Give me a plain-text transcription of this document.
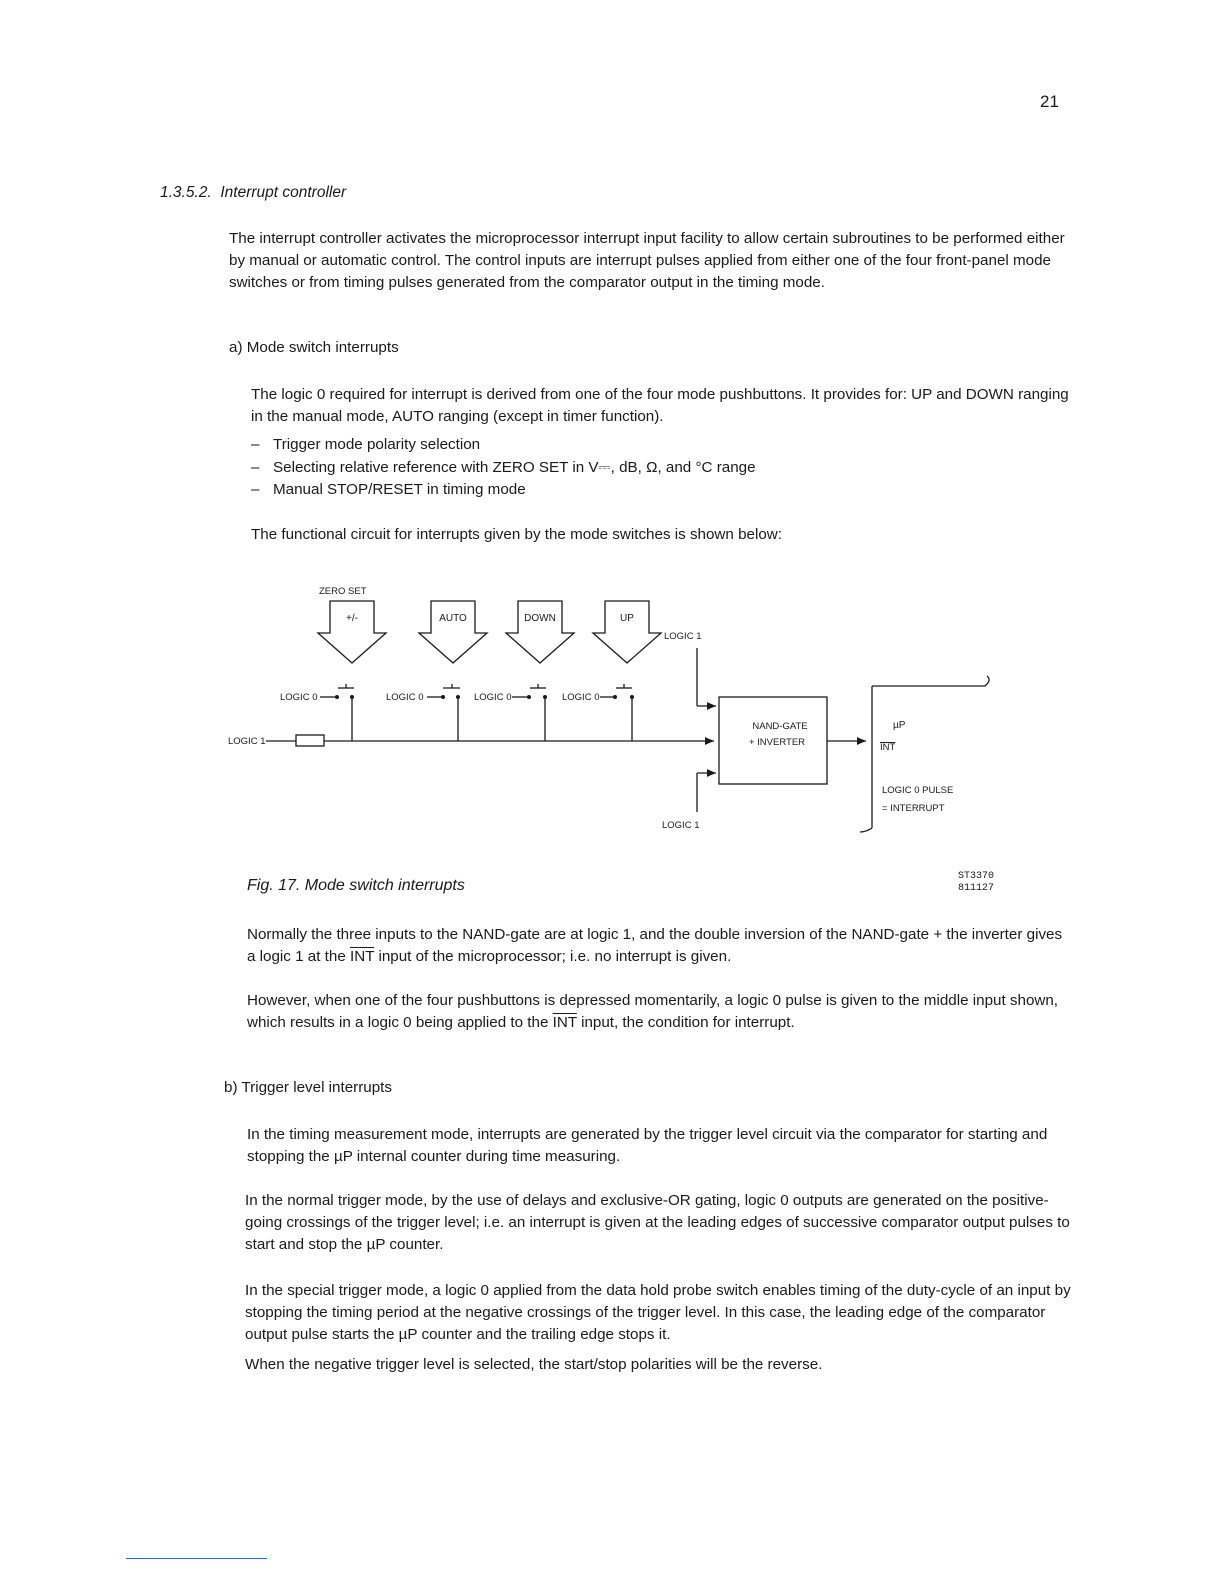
21
1.3.5.2. Interrupt controller

The interrupt controller activates the microprocessor interrupt input facility to allow certain subroutines to be performed either by manual or automatic control. The control inputs are interrupt pulses applied from either one of the four front-panel mode switches or from timing pulses generated from the comparator output in the timing mode.

a) Mode switch interrupts

The logic 0 required for interrupt is derived from one of the four mode pushbuttons. It provides for: UP and DOWN ranging in the manual mode, AUTO ranging (except in timer function).

– Trigger mode polarity selection
– Selecting relative reference with ZERO SET in V⎓, dB, Ω, and °C range
– Manual STOP/RESET in timing mode

The functional circuit for interrupts given by the mode switches is shown below:

ZERO SET
+/-	AUTO	DOWN	UP
LOGIC 0	LOGIC 0	LOGIC 0	LOGIC 0
LOGIC 1
LOGIC 1
LOGIC 1
NAND-GATE
+ INVERTER
µP
INT
LOGIC 0 PULSE
= INTERRUPT
Fig. 17. Mode switch interrupts
ST3370
811127

Normally the three inputs to the NAND-gate are at logic 1, and the double inversion of the NAND-gate + the inverter gives a logic 1 at the $\overline{INT}$ input of the microprocessor; i.e. no interrupt is given.

However, when one of the four pushbuttons is depressed momentarily, a logic 0 pulse is given to the middle input shown, which results in a logic 0 being applied to the $\overline{INT}$ input, the condition for interrupt.

b) Trigger level interrupts

In the timing measurement mode, interrupts are generated by the trigger level circuit via the comparator for starting and stopping the µP internal counter during time measuring.

In the normal trigger mode, by the use of delays and exclusive-OR gating, logic 0 outputs are generated on the positive-going crossings of the trigger level; i.e. an interrupt is given at the leading edges of successive comparator output pulses to start and stop the µP counter.

In the special trigger mode, a logic 0 applied from the data hold probe switch enables timing of the duty-cycle of an input by stopping the timing period at the negative crossings of the trigger level. In this case, the leading edge of the comparator output pulse starts the µP counter and the trailing edge stops it.

When the negative trigger level is selected, the start/stop polarities will be the reverse.
